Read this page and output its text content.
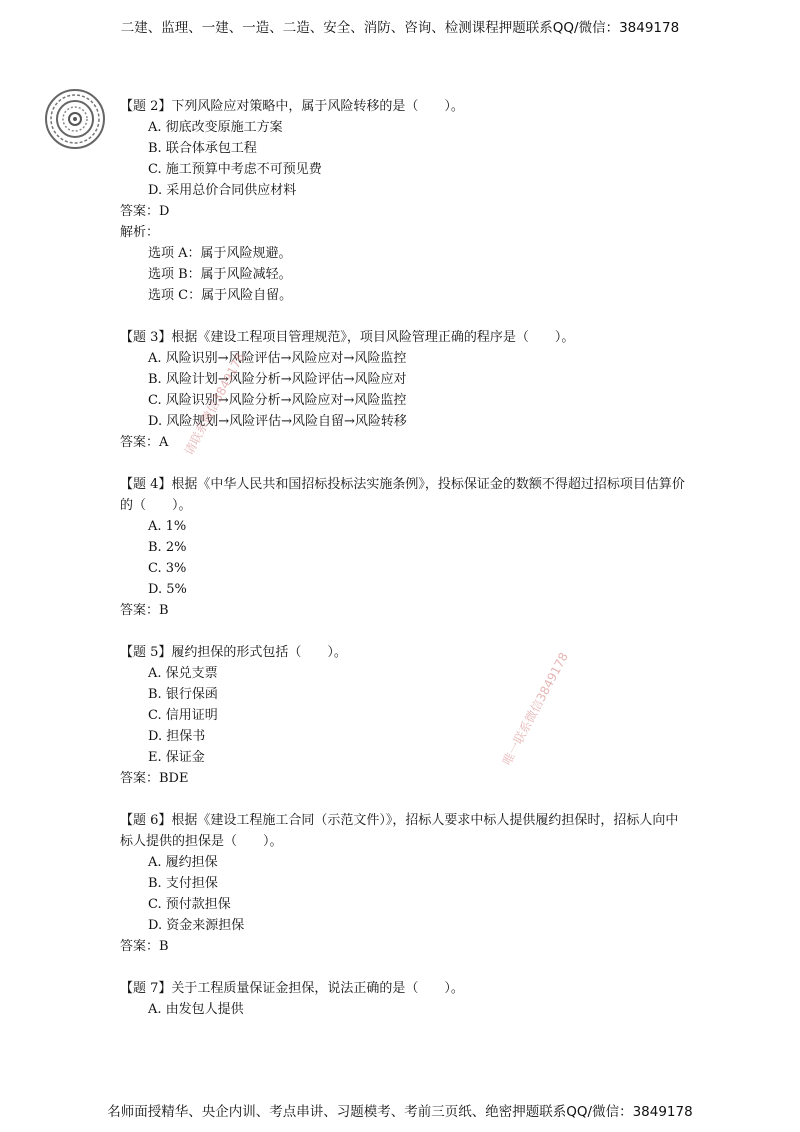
二建、监理、一建、一造、二造、安全、消防、咨询、检测课程押题联系QQ/微信：3849178
【题 2】下列风险应对策略中，属于风险转移的是（　　）。
A. 彻底改变原施工方案
B. 联合体承包工程
C. 施工预算中考虑不可预见费
D. 采用总价合同供应材料
答案：D
解析：
选项 A：属于风险规避。
选项 B：属于风险减轻。
选项 C：属于风险自留。
【题 3】根据《建设工程项目管理规范》，项目风险管理正确的程序是（　　）。
A. 风险识别→风险评估→风险应对→风险监控
B. 风险计划→风险分析→风险评估→风险应对
C. 风险识别→风险分析→风险应对→风险监控
D. 风险规划→风险评估→风险自留→风险转移
答案：A
【题 4】根据《中华人民共和国招标投标法实施条例》，投标保证金的数额不得超过招标项目估算价的（　　）。
A. 1%
B. 2%
C. 3%
D. 5%
答案：B
【题 5】履约担保的形式包括（　　）。
A. 保兑支票
B. 银行保函
C. 信用证明
D. 担保书
E. 保证金
答案：BDE
【题 6】根据《建设工程施工合同（示范文件）》，招标人要求中标人提供履约担保时，招标人向中标人提供的担保是（　　）。
A. 履约担保
B. 支付担保
C. 预付款担保
D. 资金来源担保
答案：B
【题 7】关于工程质量保证金担保，说法正确的是（　　）。
A. 由发包人提供
请联系微信3849178
唯一联系微信3849178
名师面授精华、央企内训、考点串讲、习题模考、考前三页纸、绝密押题联系QQ/微信：3849178
